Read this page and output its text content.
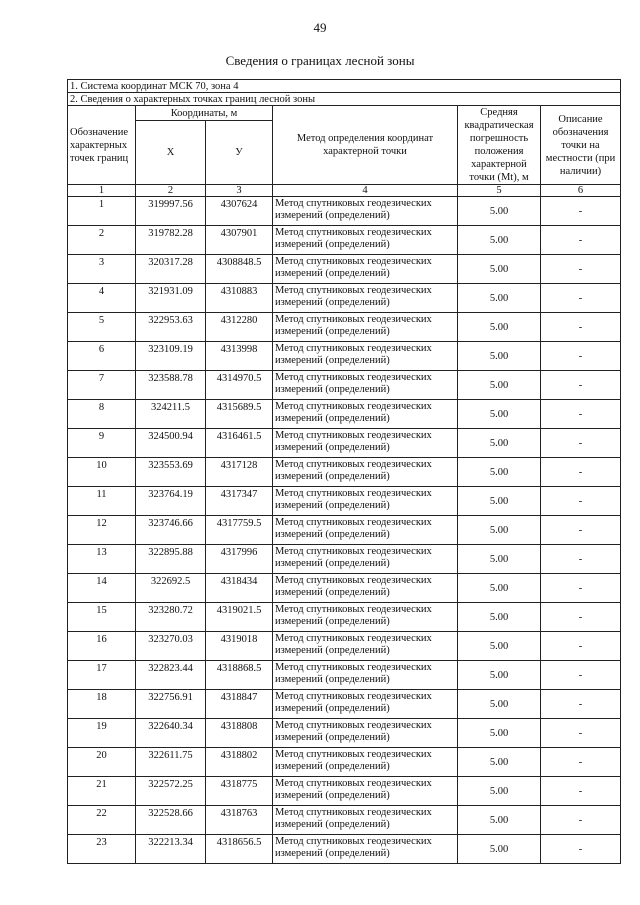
49
Сведения о границах лесной зоны
1. Система координат МСК 70, зона 4					
2. Сведения о характерных точках границ лесной зоны					
Обозначение характерных точек границ	Координаты, м		Метод определения координат характерной точки	Средняя квадратическая погрешность положения характерной точки (Mt), м	Описание обозначения точки на местности (при наличии)
	X	У			
1	2	3	4	5	6
1	319997.56	4307624	Метод спутниковых геодезических измерений (определений)	5.00	-
2	319782.28	4307901	Метод спутниковых геодезических измерений (определений)	5.00	-
3	320317.28	4308848.5	Метод спутниковых геодезических измерений (определений)	5.00	-
4	321931.09	4310883	Метод спутниковых геодезических измерений (определений)	5.00	-
5	322953.63	4312280	Метод спутниковых геодезических измерений (определений)	5.00	-
6	323109.19	4313998	Метод спутниковых геодезических измерений (определений)	5.00	-
7	323588.78	4314970.5	Метод спутниковых геодезических измерений (определений)	5.00	-
8	324211.5	4315689.5	Метод спутниковых геодезических измерений (определений)	5.00	-
9	324500.94	4316461.5	Метод спутниковых геодезических измерений (определений)	5.00	-
10	323553.69	4317128	Метод спутниковых геодезических измерений (определений)	5.00	-
11	323764.19	4317347	Метод спутниковых геодезических измерений (определений)	5.00	-
12	323746.66	4317759.5	Метод спутниковых геодезических измерений (определений)	5.00	-
13	322895.88	4317996	Метод спутниковых геодезических измерений (определений)	5.00	-
14	322692.5	4318434	Метод спутниковых геодезических измерений (определений)	5.00	-
15	323280.72	4319021.5	Метод спутниковых геодезических измерений (определений)	5.00	-
16	323270.03	4319018	Метод спутниковых геодезических измерений (определений)	5.00	-
17	322823.44	4318868.5	Метод спутниковых геодезических измерений (определений)	5.00	-
18	322756.91	4318847	Метод спутниковых геодезических измерений (определений)	5.00	-
19	322640.34	4318808	Метод спутниковых геодезических измерений (определений)	5.00	-
20	322611.75	4318802	Метод спутниковых геодезических измерений (определений)	5.00	-
21	322572.25	4318775	Метод спутниковых геодезических измерений (определений)	5.00	-
22	322528.66	4318763	Метод спутниковых геодезических измерений (определений)	5.00	-
23	322213.34	4318656.5	Метод спутниковых геодезических измерений (определений)	5.00	-
